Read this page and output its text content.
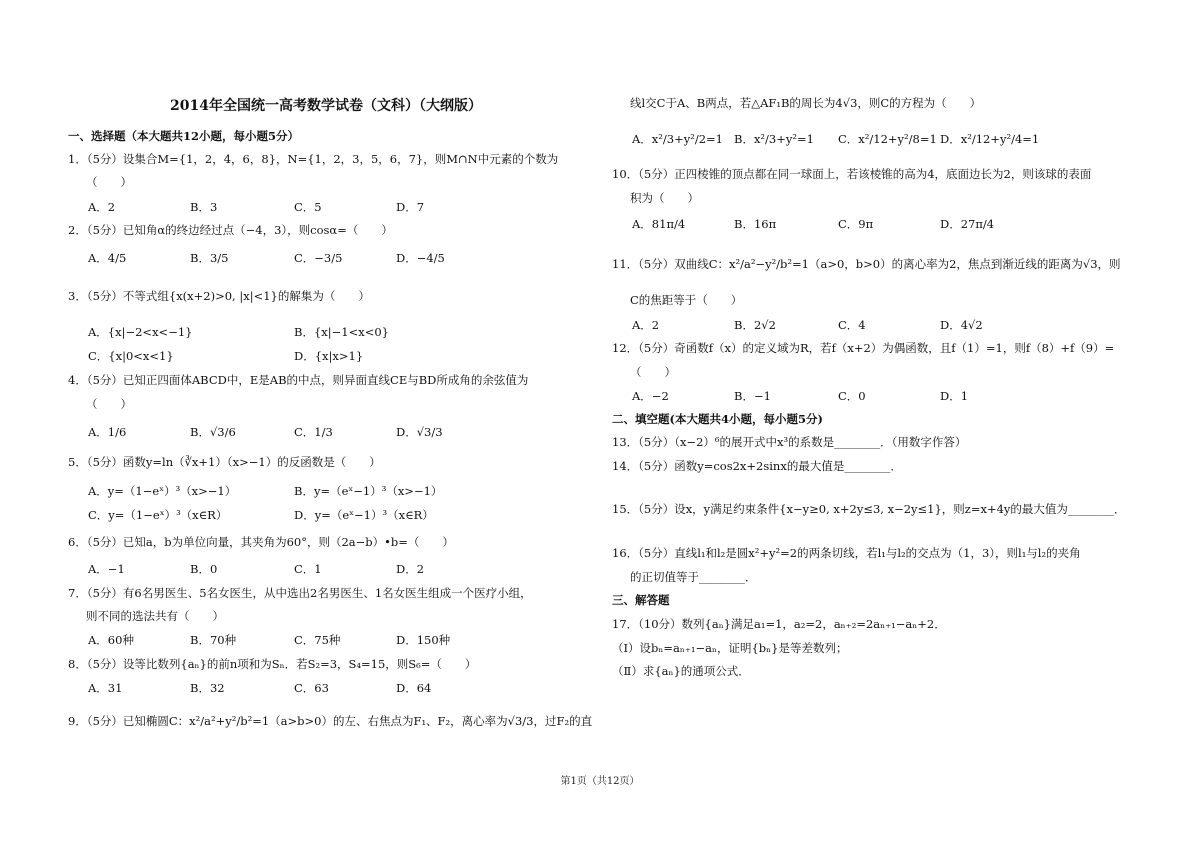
2014年全国统一高考数学试卷（文科）（大纲版）
一、选择题（本大题共12小题，每小题5分）
1．（5分）设集合M={1，2，4，6，8}，N={1，2，3，5，6，7}，则M∩N中元素的个数为
（　　）
A．2	B．3	C．5	D．7
2．（5分）已知角α的终边经过点（−4，3），则cosα=（　　）
A．4/5	B．3/5	C．−3/5	D．−4/5
3．（5分）不等式组{x(x+2)>0, |x|<1}的解集为（　　）
A．{x|−2<x<−1}	B．{x|−1<x<0}
C．{x|0<x<1}	D．{x|x>1}
4．（5分）已知正四面体ABCD中，E是AB的中点，则异面直线CE与BD所成角的余弦值为
（　　）
A．1/6	B．√3/6	C．1/3	D．√3/3
5．（5分）函数y=ln（∛x+1）（x>−1）的反函数是（　　）
A．y=（1−eˣ）³（x>−1）	B．y=（eˣ−1）³（x>−1）
C．y=（1−eˣ）³（x∈R）	D．y=（eˣ−1）³（x∈R）
6．（5分）已知a，b为单位向量，其夹角为60°，则（2a−b）•b=（　　）
A．−1	B．0	C．1	D．2
7．（5分）有6名男医生、5名女医生，从中选出2名男医生、1名女医生组成一个医疗小组，
则不同的选法共有（　　）
A．60种	B．70种	C．75种	D．150种
8．（5分）设等比数列{aₙ}的前n项和为Sₙ．若S₂=3，S₄=15，则S₆=（　　）
A．31	B．32	C．63	D．64
9．（5分）已知椭圆C：x²/a²+y²/b²=1（a>b>0）的左、右焦点为F₁、F₂，离心率为√3/3，过F₂的直
线l交C于A、B两点，若△AF₁B的周长为4√3，则C的方程为（　　）
A．x²/3+y²/2=1 B．x²/3+y²=1 C．x²/12+y²/8=1 D．x²/12+y²/4=1
10．（5分）正四棱锥的顶点都在同一球面上，若该棱锥的高为4，底面边长为2，则该球的表面
积为（　　）
A．81π/4	B．16π	C．9π	D．27π/4
11．（5分）双曲线C：x²/a²−y²/b²=1（a>0，b>0）的离心率为2，焦点到渐近线的距离为√3，则
C的焦距等于（　　）
A．2	B．2√2	C．4	D．4√2
12．（5分）奇函数f（x）的定义域为R，若f（x+2）为偶函数，且f（1）=1，则f（8）+f（9）=
（　　）
A．−2	B．−1	C．0	D．1
二、填空题(本大题共4小题，每小题5分)
13．（5分）（x−2）⁶的展开式中x³的系数是________．（用数字作答）
14．（5分）函数y=cos2x+2sinx的最大值是________．
15．（5分）设x，y满足约束条件{x−y≥0, x+2y≤3, x−2y≤1}，则z=x+4y的最大值为________．
16．（5分）直线l₁和l₂是圆x²+y²=2的两条切线，若l₁与l₂的交点为（1，3），则l₁与l₂的夹角
的正切值等于________．
三、解答题
17．（10分）数列{aₙ}满足a₁=1，a₂=2，aₙ₊₂=2aₙ₊₁−aₙ+2．
（Ⅰ）设bₙ=aₙ₊₁−aₙ，证明{bₙ}是等差数列；
（Ⅱ）求{aₙ}的通项公式．
第1页（共12页）
